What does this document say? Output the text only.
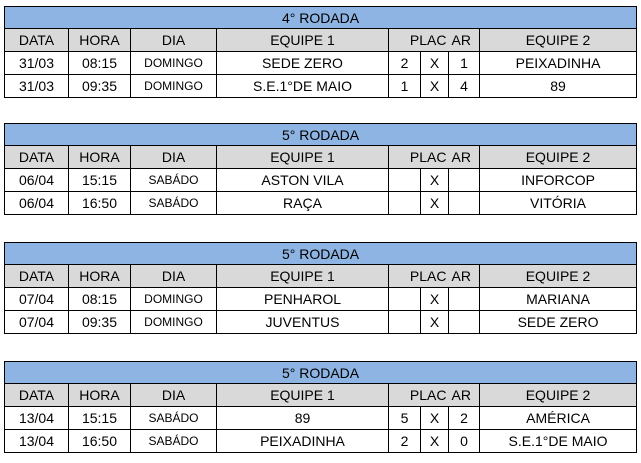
4° RODADA							
DATA	HORA	DIA	EQUIPE 1	PLAC		AR	EQUIPE 2
31/03	08:15	DOMINGO	SEDE ZERO	2	X	1	PEIXADINHA
31/03	09:35	DOMINGO	S.E.1°DE MAIO	1	X	4	89
5° RODADA							
DATA	HORA	DIA	EQUIPE 1	PLAC		AR	EQUIPE 2
06/04	15:15	SABÁDO	ASTON VILA		X		INFORCOP
06/04	16:50	SABÁDO	RAÇA		X		VITÓRIA
5° RODADA							
DATA	HORA	DIA	EQUIPE 1	PLAC		AR	EQUIPE 2
07/04	08:15	DOMINGO	PENHAROL		X		MARIANA
07/04	09:35	DOMINGO	JUVENTUS		X		SEDE ZERO
5° RODADA							
DATA	HORA	DIA	EQUIPE 1	PLAC		AR	EQUIPE 2
13/04	15:15	SABÁDO	89	5	X	2	AMÉRICA
13/04	16:50	SABÁDO	PEIXADINHA	2	X	0	S.E.1°DE MAIO
